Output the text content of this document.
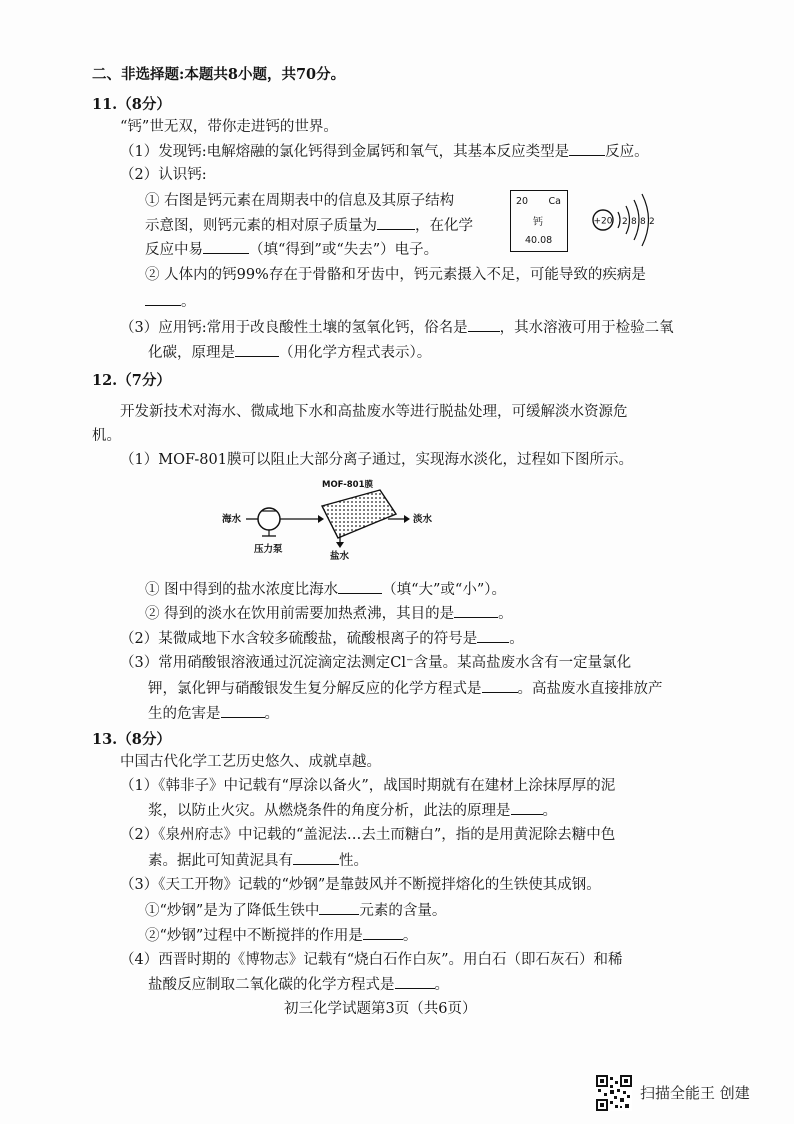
二、非选择题:本题共8小题，共70分。
11.（8分）
“钙”世无双，带你走进钙的世界。
（1）发现钙:电解熔融的氯化钙得到金属钙和氧气，其基本反应类型是 反应。
（2）认识钙:
① 右图是钙元素在周期表中的信息及其原子结构
示意图，则钙元素的相对原子质量为	，在化学
反应中易	（填“得到”或“失去”）电子。
20 Ca
钙
40.08
+20 2 8 8 2
② 人体内的钙99%存在于骨骼和牙齿中，钙元素摄入不足，可能导致的疾病是
。
（3）应用钙:常用于改良酸性土壤的氢氧化钙，俗名是 ，其水溶液可用于检验二氧
化碳，原理是	（用化学方程式表示）。
12.（7分）
开发新技术对海水、微咸地下水和高盐废水等进行脱盐处理，可缓解淡水资源危
机。
（1）MOF-801膜可以阻止大部分离子通过，实现海水淡化，过程如下图所示。
MOF-801膜
海水
压力泵
淡水
盐水
① 图中得到的盐水浓度比海水	（填“大”或“小”）。
② 得到的淡水在饮用前需要加热煮沸，其目的是	。
（2）某微咸地下水含较多硫酸盐，硫酸根离子的符号是 。
（3）常用硝酸银溶液通过沉淀滴定法测定Cl⁻含量。某高盐废水含有一定量氯化
钾，氯化钾与硝酸银发生复分解反应的化学方程式是 。高盐废水直接排放产
生的危害是	。
13.（8分）
中国古代化学工艺历史悠久、成就卓越。
（1）《韩非子》中记载有“厚涂以备火”，战国时期就有在建材上涂抹厚厚的泥
浆，以防止火灾。从燃烧条件的角度分析，此法的原理是 。
（2）《泉州府志》中记载的“盖泥法…去土而糖白”，指的是用黄泥除去糖中色
素。据此可知黄泥具有	性。
（3）《天工开物》记载的“炒钢”是靠鼓风并不断搅拌熔化的生铁使其成钢。
①“炒钢”是为了降低生铁中	元素的含量。
②“炒钢”过程中不断搅拌的作用是	。
（4）西晋时期的《博物志》记载有“烧白石作白灰”。用白石（即石灰石）和稀
盐酸反应制取二氧化碳的化学方程式是	。
初三化学试题第3页（共6页）
扫描全能王 创建
